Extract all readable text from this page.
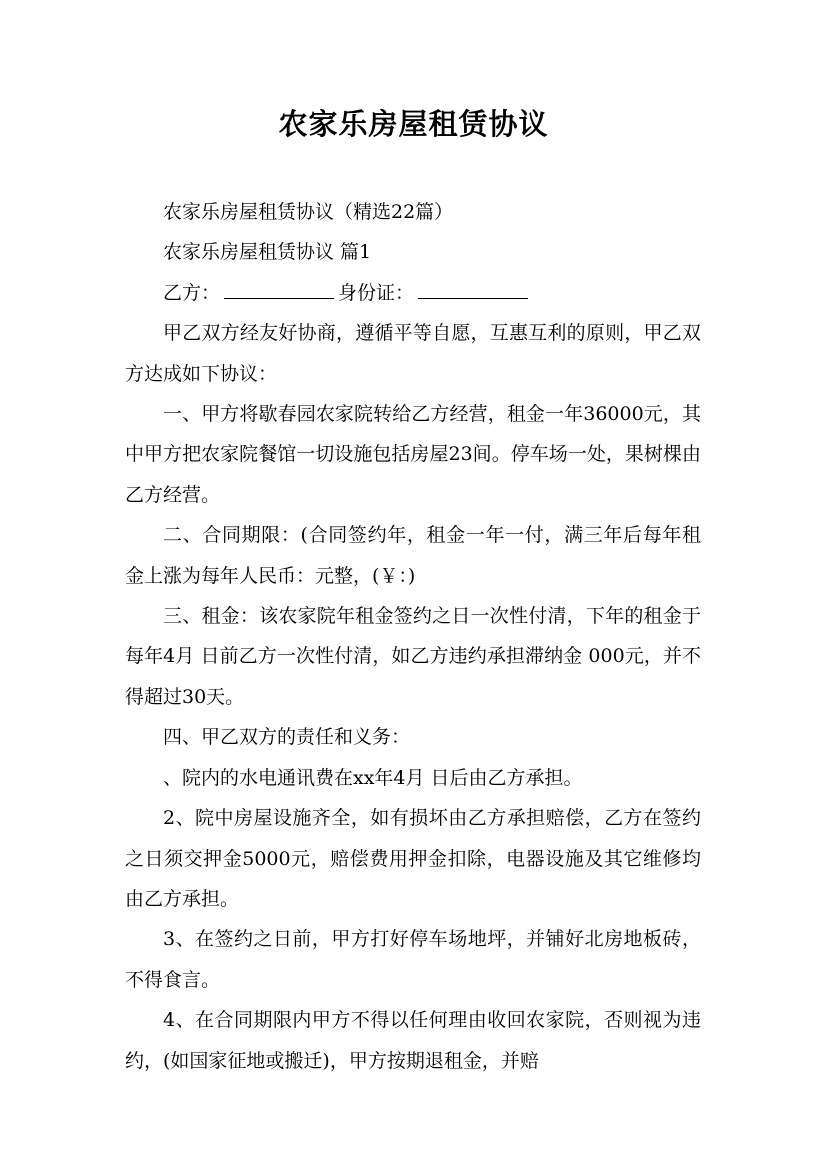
农家乐房屋租赁协议

农家乐房屋租赁协议（精选22篇）

农家乐房屋租赁协议 篇1

乙方：	身份证：

甲乙双方经友好协商，遵循平等自愿，互惠互利的原则，甲乙双方达成如下协议：

一、甲方将歇春园农家院转给乙方经营，租金一年36000元，其中甲方把农家院餐馆一切设施包括房屋23间。停车场一处，果树棵由乙方经营。

二、合同期限：(合同签约年，租金一年一付，满三年后每年租金上涨为每年人民币：元整，(￥：)

三、租金：该农家院年租金签约之日一次性付清，下年的租金于每年4月 日前乙方一次性付清，如乙方违约承担滞纳金 000元，并不得超过30天。

四、甲乙双方的责任和义务：

、院内的水电通讯费在xx年4月 日后由乙方承担。

2、院中房屋设施齐全，如有损坏由乙方承担赔偿，乙方在签约之日须交押金5000元，赔偿费用押金扣除，电器设施及其它维修均由乙方承担。

3、在签约之日前，甲方打好停车场地坪，并铺好北房地板砖，不得食言。

4、在合同期限内甲方不得以任何理由收回农家院，否则视为违约，(如国家征地或搬迁)，甲方按期退租金，并赔
